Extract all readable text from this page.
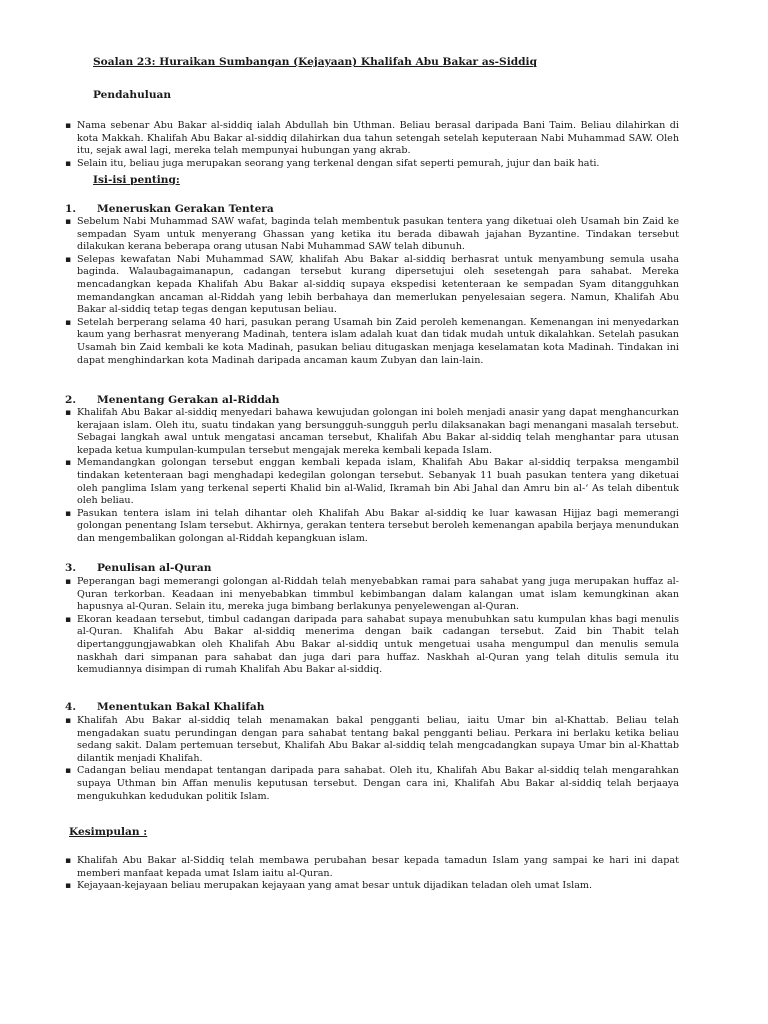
Soalan 23: Huraikan Sumbangan (Kejayaan) Khalifah Abu Bakar as-Siddiq
Pendahuluan
▪ Nama sebenar Abu Bakar al-siddiq ialah Abdullah bin Uthman. Beliau berasal daripada Bani Taim. Beliau dilahirkan di kota Makkah. Khalifah Abu Bakar al-siddiq dilahirkan dua tahun setengah setelah keputeraan Nabi Muhammad SAW. Oleh itu, sejak awal lagi, mereka telah mempunyai hubungan yang akrab.
▪ Selain itu, beliau juga merupakan seorang yang terkenal dengan sifat seperti pemurah, jujur dan baik hati.
Isi-isi penting:
1. Meneruskan Gerakan Tentera
▪ Sebelum Nabi Muhammad SAW wafat, baginda telah membentuk pasukan tentera yang diketuai oleh Usamah bin Zaid ke sempadan Syam untuk menyerang Ghassan yang ketika itu berada dibawah jajahan Byzantine. Tindakan tersebut dilakukan kerana beberapa orang utusan Nabi Muhammad SAW telah dibunuh.
▪ Selepas kewafatan Nabi Muhammad SAW, khalifah Abu Bakar al-siddiq berhasrat untuk menyambung semula usaha baginda. Walaubagaimanapun, cadangan tersebut kurang dipersetujui oleh sesetengah para sahabat. Mereka mencadangkan kepada Khalifah Abu Bakar al-siddiq supaya ekspedisi ketenteraan ke sempadan Syam ditangguhkan memandangkan ancaman al-Riddah yang lebih berbahaya dan memerlukan penyelesaian segera. Namun, Khalifah Abu Bakar al-siddiq tetap tegas dengan keputusan beliau.
▪ Setelah berperang selama 40 hari, pasukan perang Usamah bin Zaid peroleh kemenangan. Kemenangan ini menyedarkan kaum yang berhasrat menyerang Madinah, tentera islam adalah kuat dan tidak mudah untuk dikalahkan. Setelah pasukan Usamah bin Zaid kembali ke kota Madinah, pasukan beliau ditugaskan menjaga keselamatan kota Madinah. Tindakan ini dapat menghindarkan kota Madinah daripada ancaman kaum Zubyan dan lain-lain.
2. Menentang Gerakan al-Riddah
▪ Khalifah Abu Bakar al-siddiq menyedari bahawa kewujudan golongan ini boleh menjadi anasir yang dapat menghancurkan kerajaan islam. Oleh itu, suatu tindakan yang bersungguh-sungguh perlu dilaksanakan bagi menangani masalah tersebut. Sebagai langkah awal untuk mengatasi ancaman tersebut, Khalifah Abu Bakar al-siddiq telah menghantar para utusan kepada ketua kumpulan-kumpulan tersebut mengajak mereka kembali kepada Islam.
▪ Memandangkan golongan tersebut enggan kembali kepada islam, Khalifah Abu Bakar al-siddiq terpaksa mengambil tindakan ketenteraan bagi menghadapi kedegilan golongan tersebut. Sebanyak 11 buah pasukan tentera yang diketuai oleh panglima Islam yang terkenal seperti Khalid bin al-Walid, Ikramah bin Abi Jahal dan Amru bin al-‘ As telah dibentuk oleh beliau.
▪ Pasukan tentera islam ini telah dihantar oleh Khalifah Abu Bakar al-siddiq ke luar kawasan Hijjaz bagi memerangi golongan penentang Islam tersebut. Akhirnya, gerakan tentera tersebut beroleh kemenangan apabila berjaya menundukan dan mengembalikan golongan al-Riddah kepangkuan islam.
3. Penulisan al-Quran
▪ Peperangan bagi memerangi golongan al-Riddah telah menyebabkan ramai para sahabat yang juga merupakan huffaz al-Quran terkorban. Keadaan ini menyebabkan timmbul kebimbangan dalam kalangan umat islam kemungkinan akan hapusnya al-Quran. Selain itu, mereka juga bimbang berlakunya penyelewengan al-Quran.
▪ Ekoran keadaan tersebut, timbul cadangan daripada para sahabat supaya menubuhkan satu kumpulan khas bagi menulis al-Quran. Khalifah Abu Bakar al-siddiq menerima dengan baik cadangan tersebut. Zaid bin Thabit telah dipertanggungjawabkan oleh Khalifah Abu Bakar al-siddiq untuk mengetuai usaha mengumpul dan menulis semula naskhah dari simpanan para sahabat dan juga dari para huffaz. Naskhah al-Quran yang telah ditulis semula itu kemudiannya disimpan di rumah Khalifah Abu Bakar al-siddiq.
4. Menentukan Bakal Khalifah
▪ Khalifah Abu Bakar al-siddiq telah menamakan bakal pengganti beliau, iaitu Umar bin al-Khattab. Beliau telah mengadakan suatu perundingan dengan para sahabat tentang bakal pengganti beliau. Perkara ini berlaku ketika beliau sedang sakit. Dalam pertemuan tersebut, Khalifah Abu Bakar al-siddiq telah mengcadangkan supaya Umar bin al-Khattab dilantik menjadi Khalifah.
▪ Cadangan beliau mendapat tentangan daripada para sahabat. Oleh itu, Khalifah Abu Bakar al-siddiq telah mengarahkan supaya Uthman bin Affan menulis keputusan tersebut. Dengan cara ini, Khalifah Abu Bakar al-siddiq telah berjaaya mengukuhkan kedudukan politik Islam.
Kesimpulan :
▪ Khalifah Abu Bakar al-Siddiq telah membawa perubahan besar kepada tamadun Islam yang sampai ke hari ini dapat memberi manfaat kepada umat Islam iaitu al-Quran.
▪ Kejayaan-kejayaan beliau merupakan kejayaan yang amat besar untuk dijadikan teladan oleh umat Islam.
